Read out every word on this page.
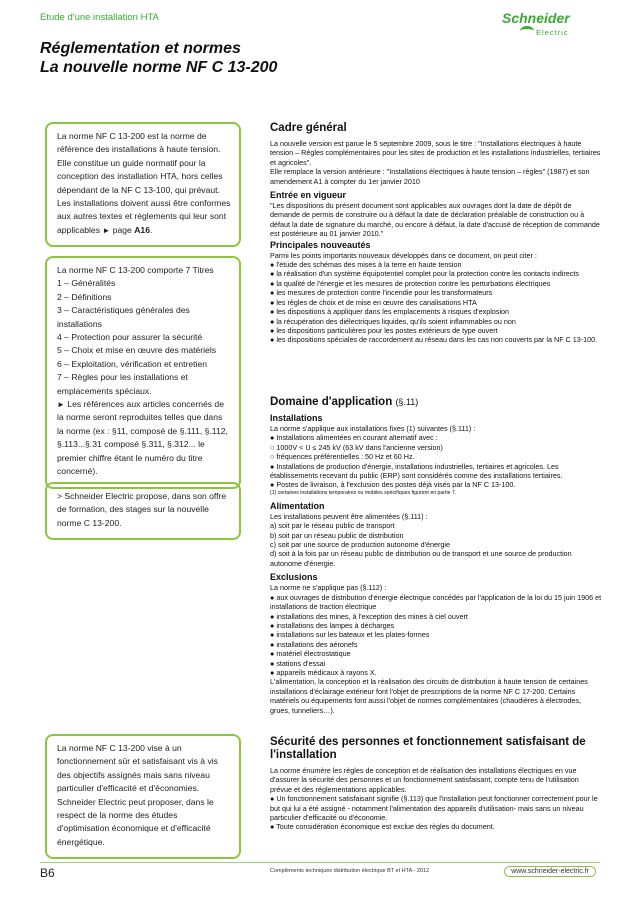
Etude d'une installation HTA	Schneider
Electric
Réglementation et normes
La nouvelle norme NF C 13-200

La norme NF C 13-200 est la norme de référence des installations à haute tension. Elle constitue un guide normatif pour la conception des installation HTA, hors celles dépendant de la NF C 13-100, qui prévaut. Les installations doivent aussi être conformes aux autres textes et règlements qui leur sont applicables ► page A16.

La norme NF C 13-200 comporte 7 Titres

1 – Généralités

2 – Définitions

3 – Caractéristiques générales des installations

4 – Protection pour assurer la sécurité

5 – Choix et mise en œuvre des matériels

6 – Exploitation, vérification et entretien

7 – Règles pour les installations et emplacements spéciaux.

► Les références aux articles concernés de la norme seront reproduites telles que dans la norme (ex : §11, composé de §.111, §.112, §.113...§.31 composé §.311, §.312... le premier chiffre étant le numéro du titre concerné).

> Schneider Electric propose, dans son offre de formation, des stages sur la nouvelle norme C 13-200.

La norme NF C 13-200 vise à un fonctionnement sûr et satisfaisant vis à vis des objectifs assignés mais sans niveau particulier d'efficacité et d'économies. Schneider Electric peut proposer, dans le respect de la norme des études d'optimisation économique et d'efficacité énergétique.

Cadre général

La nouvelle version est parue le 5 septembre 2009, sous le titre : "Installations électriques à haute tension – Règles complémentaires pour les sites de production et les installations industrielles, tertiaires et agricoles".

Elle remplace la version antérieure : "Installations électriques à haute tension – règles" (1987) et son amendement A1 à compter du 1er janvier 2010

Entrée en vigueur

"Les dispositions du présent document sont applicables aux ouvrages dont la date de dépôt de demande de permis de construire ou à défaut la date de déclaration préalable de construction ou à défaut la date de signature du marché, ou encore à défaut, la date d'accusé de réception de commande est postérieure au 01 janvier 2010."

Principales nouveautés

Parmi les points importants nouveaux développés dans ce document, on peut citer :

● l'étude des schémas des mises à la terre en haute tension

● la réalisation d'un système équipotentiel complet pour la protection contre les contacts indirects

● la qualité de l'énergie et les mesures de protection contre les perturbations électriques

● les mesures de protection contre l'incendie pour les transformateurs

● les règles de choix et de mise en œuvre des canalisations HTA

● les dispositions à appliquer dans les emplacements à risques d'explosion

● la récupération des diélectriques liquides, qu'ils soient inflammables ou non

● les dispositions particulières pour les postes extérieurs de type ouvert

● les dispositions spéciales de raccordement au réseau dans les cas non couverts par la NF C 13-100.

Domaine d'application (§.11)
Installations

La norme s'applique aux installations fixes (1) suivantes (§.111) :

● Installations alimentées en courant alternatif avec :

○ 1000V < U ≤ 245 kV (63 kV dans l'ancienne version)

○ fréquences préférentielles : 50 Hz et 60 Hz.

● Installations de production d'énergie, installations industrielles, tertiaires et agricoles. Les établissements recevant du public (ERP) sont considérés comme des installations tertiaires.

● Postes de livraison, à l'exclusion des postes déjà visés par la NF C 13-100.

(1) certaines installations temporaires ou mobiles spécifiques figurent en partie 7.

Alimentation

Les installations peuvent être alimentées (§.111) :

a) soit par le réseau public de transport

b) soit par un réseau public de distribution

c) soit par une source de production autonome d'énergie

d) soit à la fois par un réseau public de distribution ou de transport et une source de production autonome d'énergie.

Exclusions

La norme ne s'applique pas (§.112) :

● aux ouvrages de distribution d'énergie électrique concédés par l'application de la loi du 15 juin 1906 et installations de traction électrique

● installations des mines, à l'exception des mines à ciel ouvert

● installations des lampes à décharges

● installations sur les bateaux et les plates-formes

● installations des aéronefs

● matériel électrostatique

● stations d'essai

● appareils médicaux à rayons X.

L'alimentation, la conception et la réalisation des circuits de distribution à haute tension de certaines installations d'éclairage extérieur font l'objet de prescriptions de la norme NF C 17-200. Certains matériels ou équipements font aussi l'objet de normes complémentaires (chaudières à électrodes, grues, tunneliers…).

Sécurité des personnes et fonctionnement satisfaisant de l'installation

La norme énumère les règles de conception et de réalisation des installations électriques en vue d'assurer la sécurité des personnes et un fonctionnement satisfaisant, compte tenu de l'utilisation prévue et des réglementations applicables.

● Un fonctionnement satisfaisant signifie (§.113) que l'installation peut fonctionner correctement pour le but qui lui a été assigné - notamment l'alimentation des appareils d'utilisation- mais sans un niveau particulier d'efficacité ou d'économie.

● Toute considération économique est exclue des règles du document.

B6	Compléments techniques distribution électrique BT et HTA - 2012	www.schneider-electric.fr
